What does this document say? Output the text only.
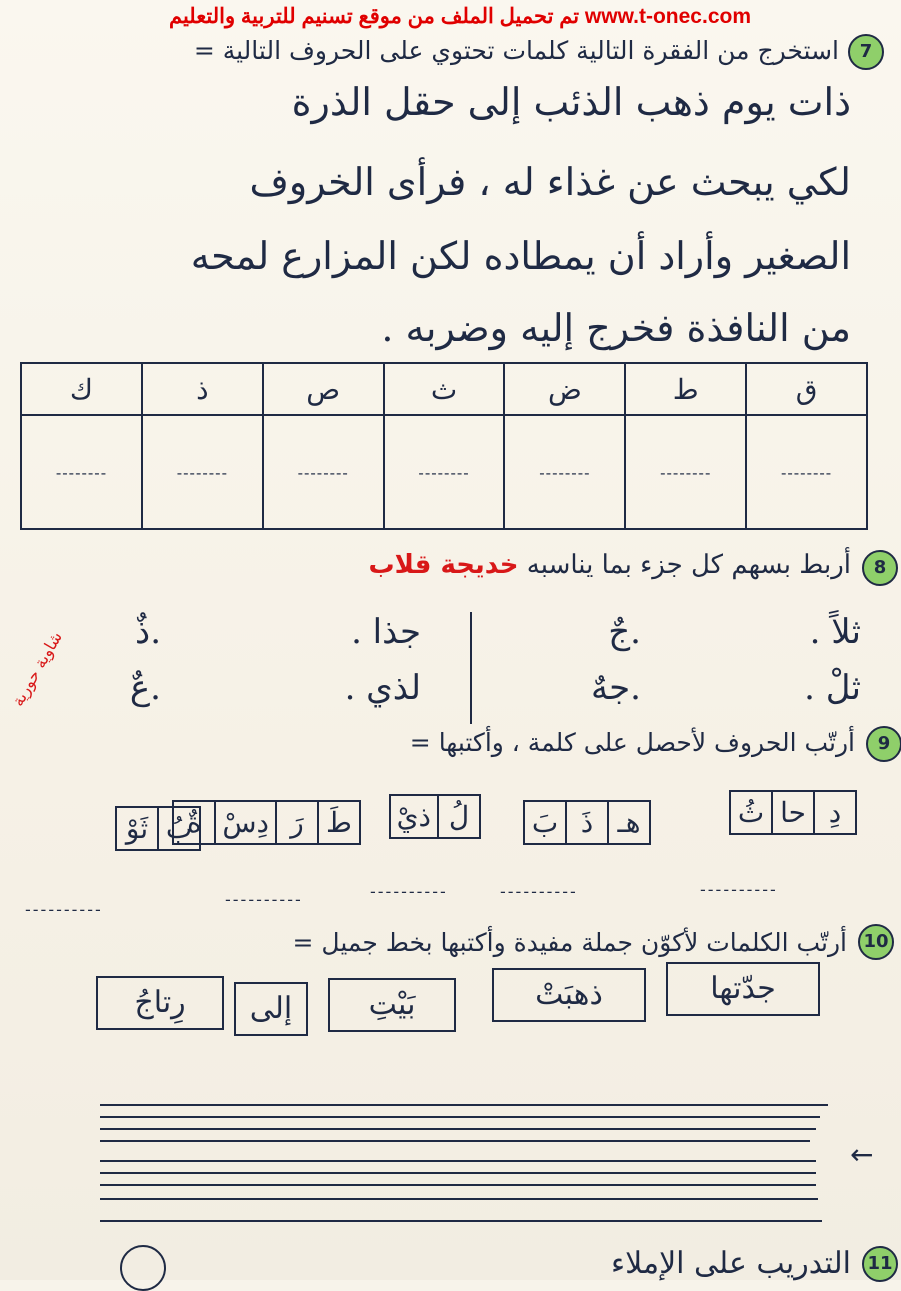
تم تحميل الملف من موقع تسنيم للتربية والتعليم www.t-onec.com
7
استخرج من الفقرة التالية كلمات تحتوي على الحروف التالية =
ذات يوم ذهب الذئب إلى حقل الذرة
لكي يبحث عن غذاء له ، فرأى الخروف
الصغير وأراد أن يمطاده لكن المزارع لمحه
من النافذة فخرج إليه وضربه .
ق	ط	ض	ث	ص	ذ	ك
--------	--------	--------	--------	--------	--------	--------
8
أربط بسهم كل جزء بما يناسبه خديجة قلاب
ثلاً .
ثلْ .
.جٌ
.جهٌ
جذا .
لذي .
.ذٌ
.عٌ
شاوية حورية
9
أرتّب الحروف لأحصل على كلمة ، وأكتبها =
دِ
حا
ثُ
هـ
ذَ
بَ
لُ
ذيْ
طَ
رَ
دِسْ
ةٌ
بُ
ثَوْ
----------
----------
----------
----------
----------
10
أرتّب الكلمات لأكوّن جملة مفيدة وأكتبها بخط جميل =
جدّتها
ذهبَتْ
بَيْتِ
إلى
رِتاجُ
←
11
التدريب على الإملاء
